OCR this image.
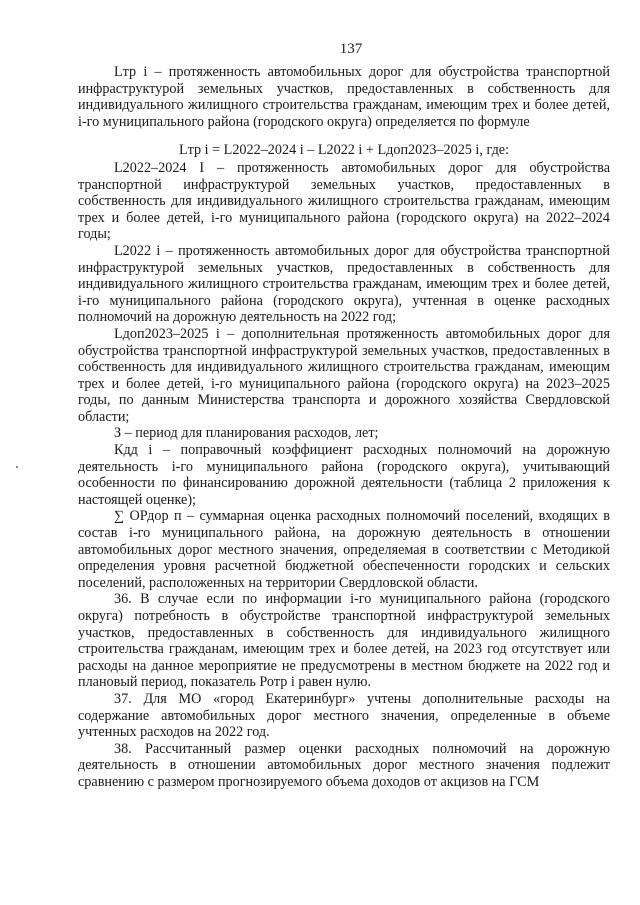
137

Lтр i – протяженность автомобильных дорог для обустройства транспортной инфраструктурой земельных участков, предоставленных в собственность для индивидуального жилищного строительства гражданам, имеющим трех и более детей, i-го муниципального района (городского округа) определяется по формуле

Lтр i = L2022–2024 i – L2022 i + Lдоп2023–2025 i, где:

L2022–2024 I – протяженность автомобильных дорог для обустройства транспортной инфраструктурой земельных участков, предоставленных в собственность для индивидуального жилищного строительства гражданам, имеющим трех и более детей, i-го муниципального района (городского округа) на 2022–2024 годы;

L2022 i – протяженность автомобильных дорог для обустройства транспортной инфраструктурой земельных участков, предоставленных в собственность для индивидуального жилищного строительства гражданам, имеющим трех и более детей, i-го муниципального района (городского округа), учтенная в оценке расходных полномочий на дорожную деятельность на 2022 год;

Lдоп2023–2025 i – дополнительная протяженность автомобильных дорог для обустройства транспортной инфраструктурой земельных участков, предоставленных в собственность для индивидуального жилищного строительства гражданам, имеющим трех и более детей, i-го муниципального района (городского округа) на 2023–2025 годы, по данным Министерства транспорта и дорожного хозяйства Свердловской области;

З – период для планирования расходов, лет;

Кдд i – поправочный коэффициент расходных полномочий на дорожную деятельность i-го муниципального района (городского округа), учитывающий особенности по финансированию дорожной деятельности (таблица 2 приложения к настоящей оценке);

∑ ОРдор п – суммарная оценка расходных полномочий поселений, входящих в состав i-го муниципального района, на дорожную деятельность в отношении автомобильных дорог местного значения, определяемая в соответствии с Методикой определения уровня расчетной бюджетной обеспеченности городских и сельских поселений, расположенных на территории Свердловской области.

36. В случае если по информации i-го муниципального района (городского округа) потребность в обустройстве транспортной инфраструктурой земельных участков, предоставленных в собственность для индивидуального жилищного строительства гражданам, имеющим трех и более детей, на 2023 год отсутствует или расходы на данное мероприятие не предусмотрены в местном бюджете на 2022 год и плановый период, показатель Ротр i равен нулю.

37. Для МО «город Екатеринбург» учтены дополнительные расходы на содержание автомобильных дорог местного значения, определенные в объеме учтенных расходов на 2022 год.

38. Рассчитанный размер оценки расходных полномочий на дорожную деятельность в отношении автомобильных дорог местного значения подлежит сравнению с размером прогнозируемого объема доходов от акцизов на ГСМ
